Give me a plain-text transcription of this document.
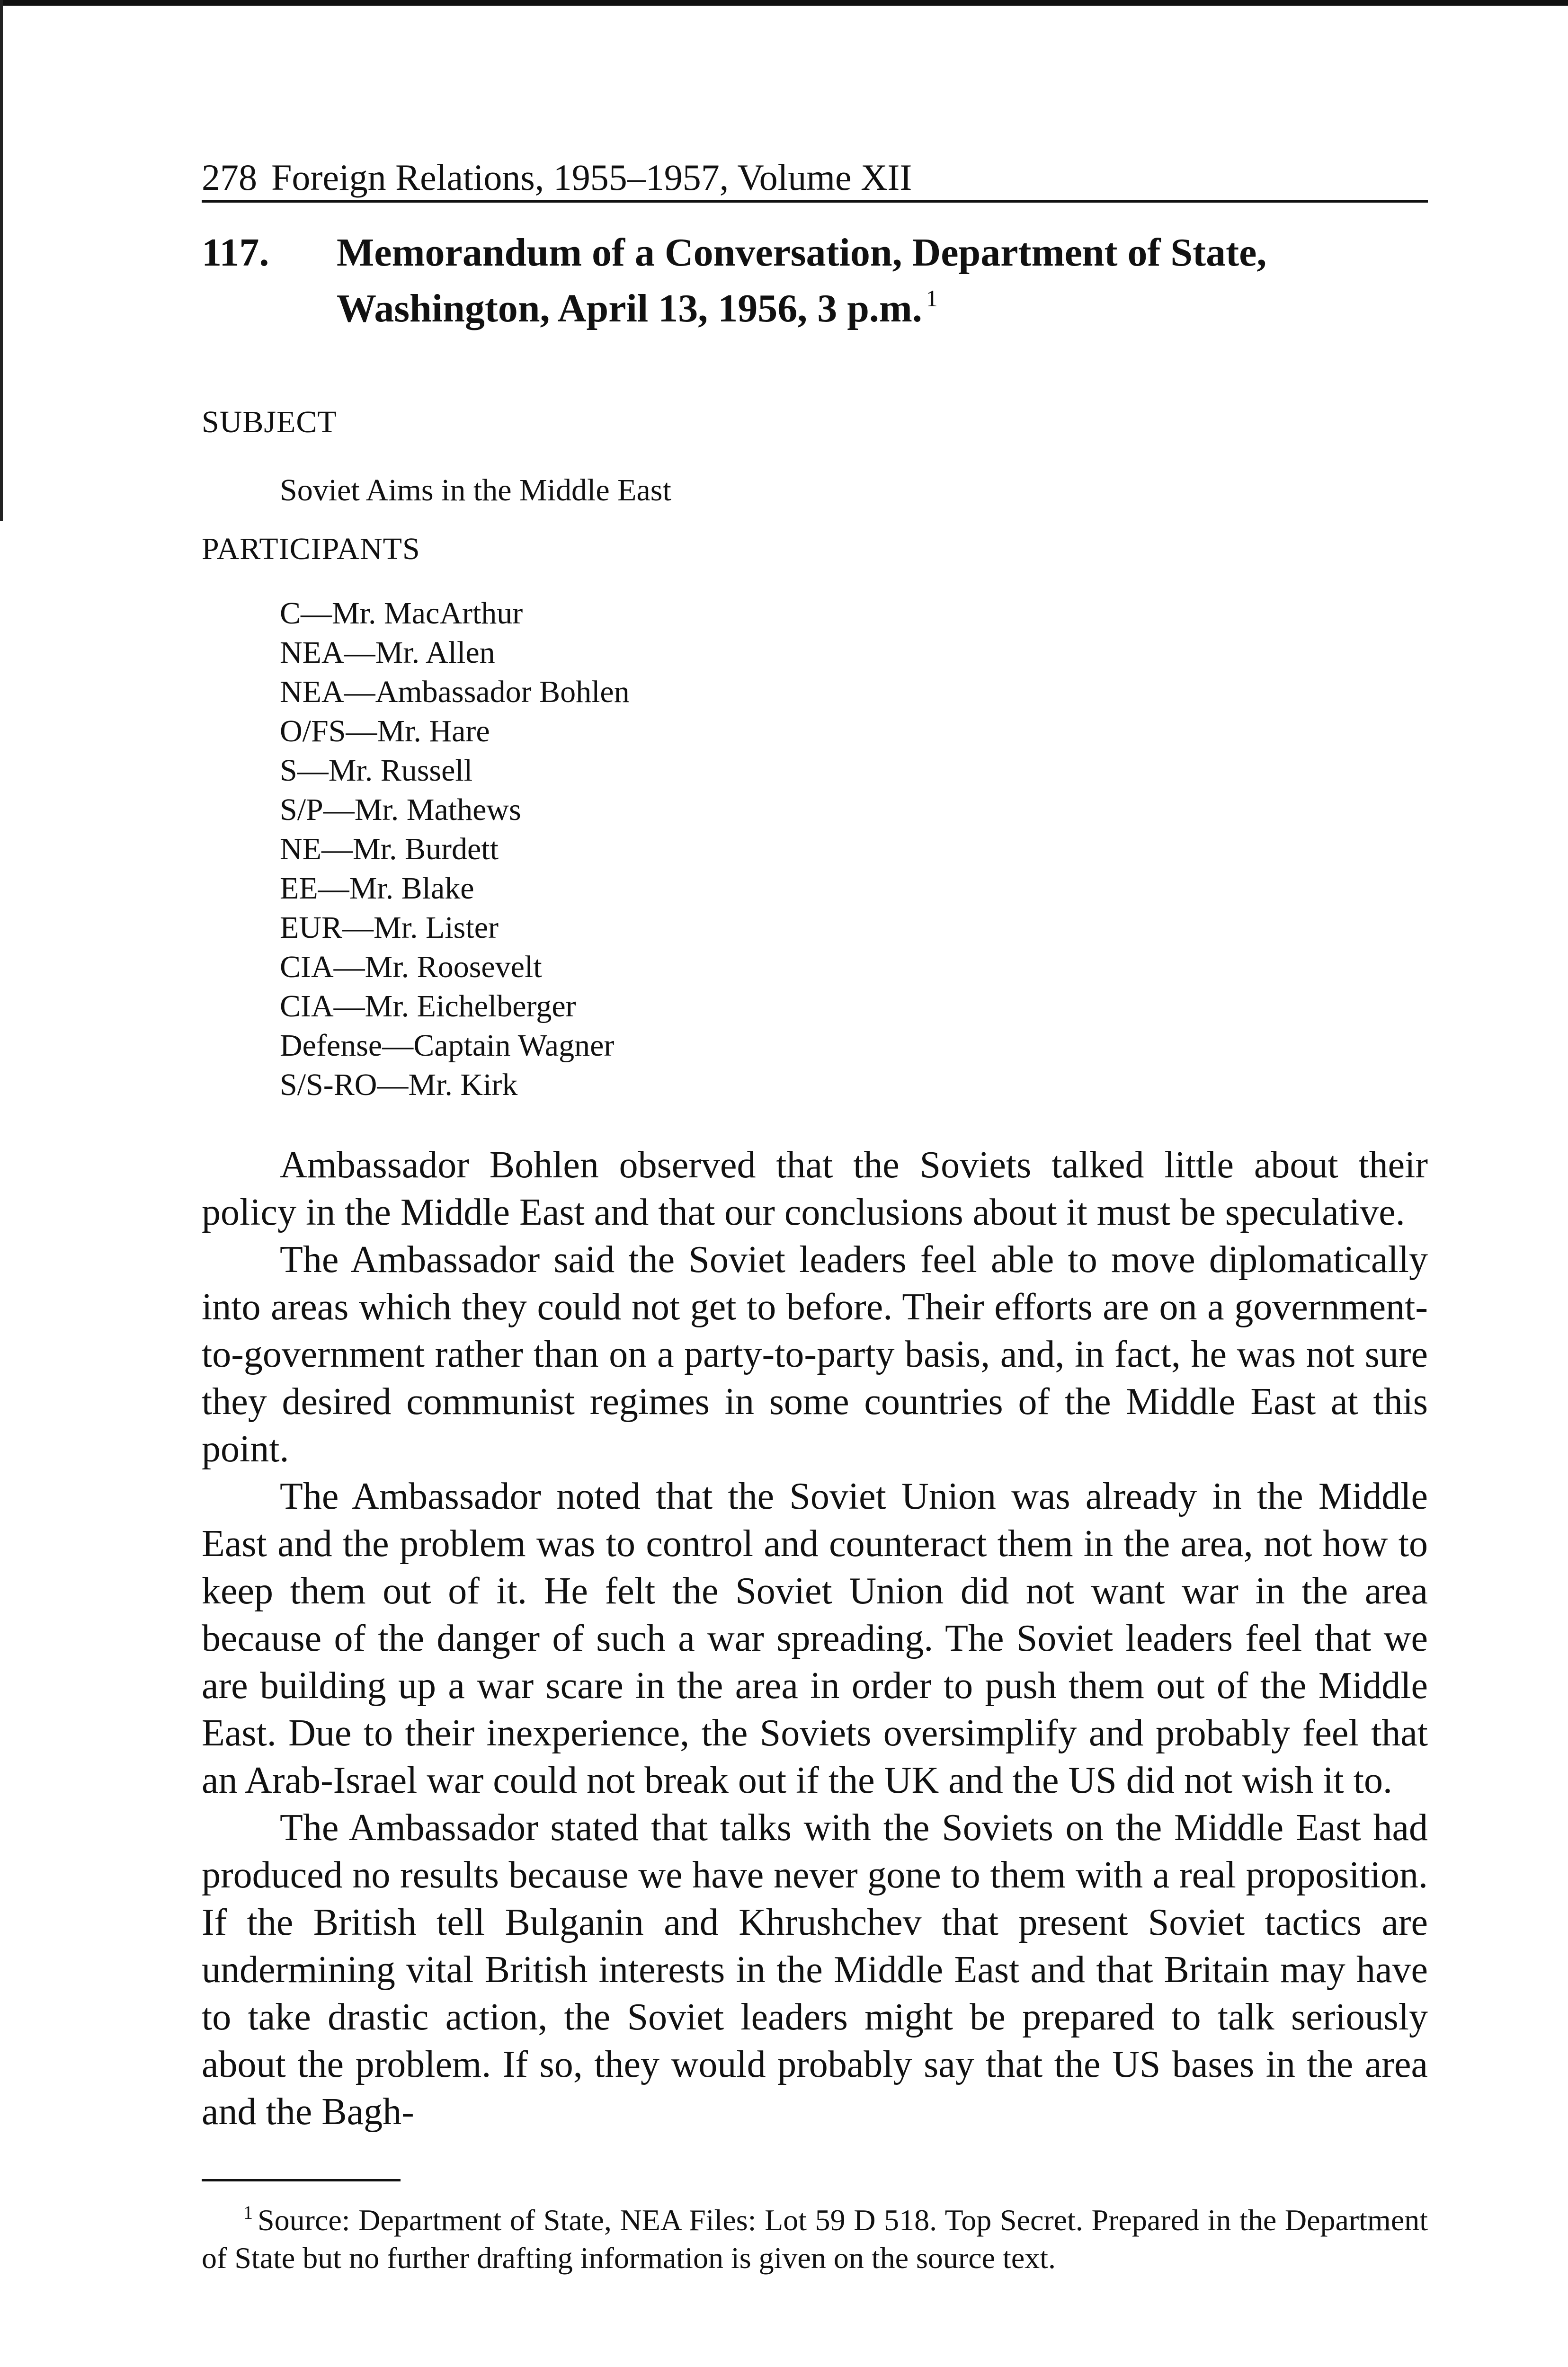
278 Foreign Relations, 1955–1957, Volume XII
117.	Memorandum of a Conversation, Department of State, Washington, April 13, 1956, 3 p.m. $^1$
SUBJECT
Soviet Aims in the Middle East
PARTICIPANTS
C—Mr. MacArthur
NEA—Mr. Allen
NEA—Ambassador Bohlen
O/FS—Mr. Hare
S—Mr. Russell
S/P—Mr. Mathews
NE—Mr. Burdett
EE—Mr. Blake
EUR—Mr. Lister
CIA—Mr. Roosevelt
CIA—Mr. Eichelberger
Defense—Captain Wagner
S/S-RO—Mr. Kirk

Ambassador Bohlen observed that the Soviets talked little about their policy in the Middle East and that our conclusions about it must be speculative.

The Ambassador said the Soviet leaders feel able to move diplomatically into areas which they could not get to before. Their efforts are on a government-to-government rather than on a party-to-party basis, and, in fact, he was not sure they desired communist regimes in some countries of the Middle East at this point.

The Ambassador noted that the Soviet Union was already in the Middle East and the problem was to control and counteract them in the area, not how to keep them out of it. He felt the Soviet Union did not want war in the area because of the danger of such a war spreading. The Soviet leaders feel that we are building up a war scare in the area in order to push them out of the Middle East. Due to their inexperience, the Soviets oversimplify and probably feel that an Arab-Israel war could not break out if the UK and the US did not wish it to.

The Ambassador stated that talks with the Soviets on the Middle East had produced no results because we have never gone to them with a real proposition. If the British tell Bulganin and Khrushchev that present Soviet tactics are undermining vital British interests in the Middle East and that Britain may have to take drastic action, the Soviet leaders might be prepared to talk seriously about the problem. If so, they would probably say that the US bases in the area and the Bagh-

$^1$ Source: Department of State, NEA Files: Lot 59 D 518. Top Secret. Prepared in the Department of State but no further drafting information is given on the source text.
